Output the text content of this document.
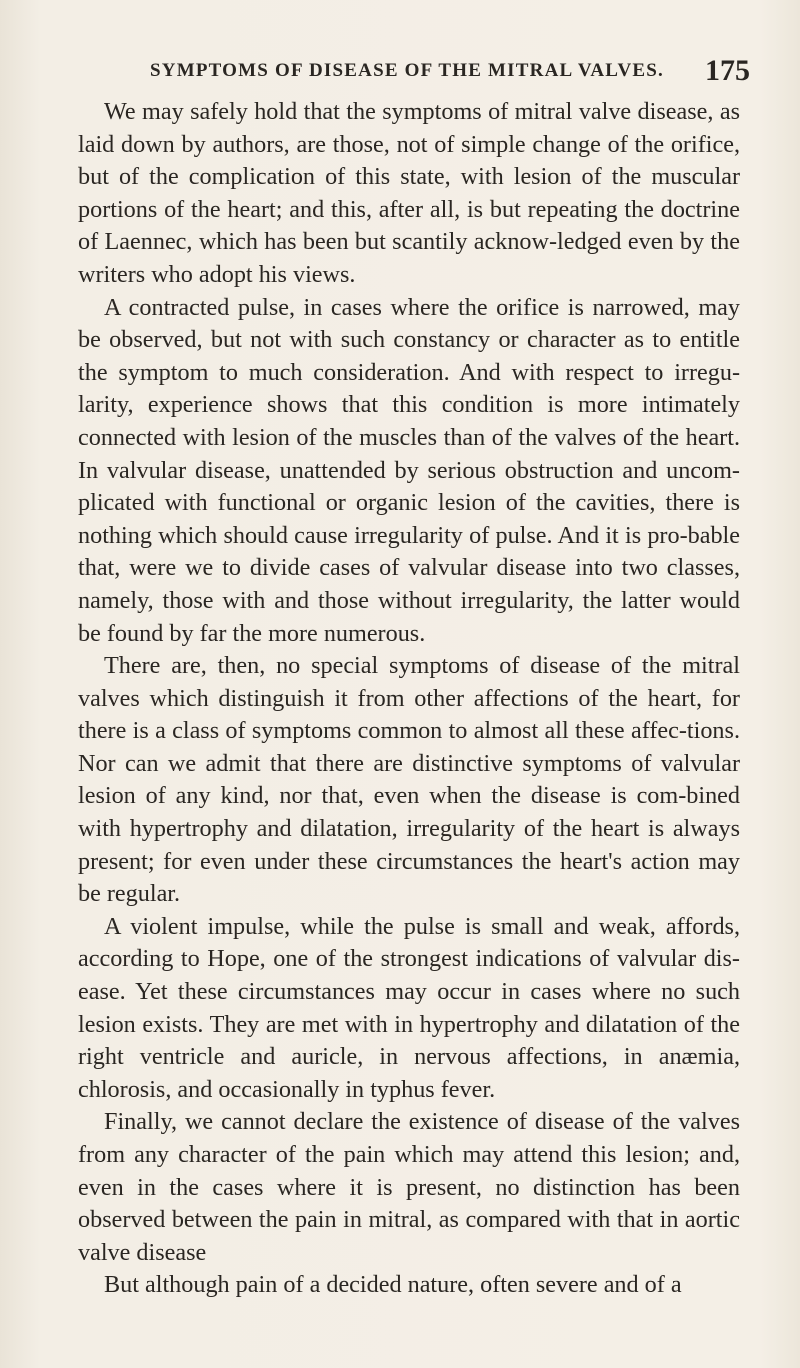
SYMPTOMS OF DISEASE OF THE MITRAL VALVES. 175

We may safely hold that the symptoms of mitral valve disease, as laid down by authors, are those, not of simple change of the orifice, but of the complication of this state, with lesion of the muscular portions of the heart; and this, after all, is but repeating the doctrine of Laennec, which has been but scantily acknow-ledged even by the writers who adopt his views.

A contracted pulse, in cases where the orifice is narrowed, may be observed, but not with such constancy or character as to entitle the symptom to much consideration. And with respect to irregu-larity, experience shows that this condition is more intimately connected with lesion of the muscles than of the valves of the heart. In valvular disease, unattended by serious obstruction and uncom-plicated with functional or organic lesion of the cavities, there is nothing which should cause irregularity of pulse. And it is pro-bable that, were we to divide cases of valvular disease into two classes, namely, those with and those without irregularity, the latter would be found by far the more numerous.

There are, then, no special symptoms of disease of the mitral valves which distinguish it from other affections of the heart, for there is a class of symptoms common to almost all these affec-tions. Nor can we admit that there are distinctive symptoms of valvular lesion of any kind, nor that, even when the disease is com-bined with hypertrophy and dilatation, irregularity of the heart is always present; for even under these circumstances the heart's action may be regular.

A violent impulse, while the pulse is small and weak, affords, according to Hope, one of the strongest indications of valvular dis-ease. Yet these circumstances may occur in cases where no such lesion exists. They are met with in hypertrophy and dilatation of the right ventricle and auricle, in nervous affections, in anæmia, chlorosis, and occasionally in typhus fever.

Finally, we cannot declare the existence of disease of the valves from any character of the pain which may attend this lesion; and, even in the cases where it is present, no distinction has been observed between the pain in mitral, as compared with that in aortic valve disease

But although pain of a decided nature, often severe and of a
